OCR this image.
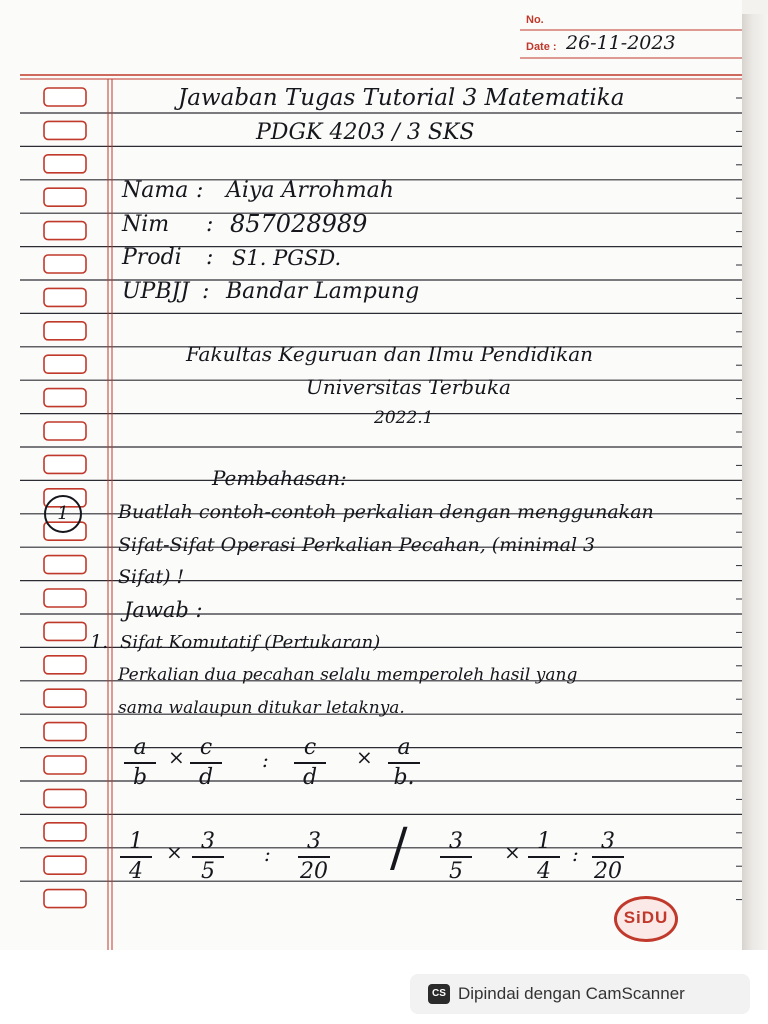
No.
Date : 26-11-2023
Jawaban Tugas Tutorial 3 Matematika
PDGK 4203 / 3 SKS
Nama : Aiya Arrohmah
Nim : 857028989
Prodi : S1. PGSD.
UPBJJ : Bandar Lampung
Fakultas Keguruan dan Ilmu Pendidikan
Universitas Terbuka
2022.1
Pembahasan:
1	Buatlah contoh-contoh perkalian dengan menggunakan
Sifat-Sifat Operasi Perkalian Pecahan, (minimal 3
Sifat) !
Jawab :
1. Sifat Komutatif (Pertukaran)
Perkalian dua pecahan selalu memperoleh hasil yang
sama walaupun ditukar letaknya.
a
b
× c
d
:	c
d
×	a
b.
1
4
× 3
5
:	3
20 /	3
5
× 1
4
:	3
20
SiDU
CS Dipindai dengan CamScanner
